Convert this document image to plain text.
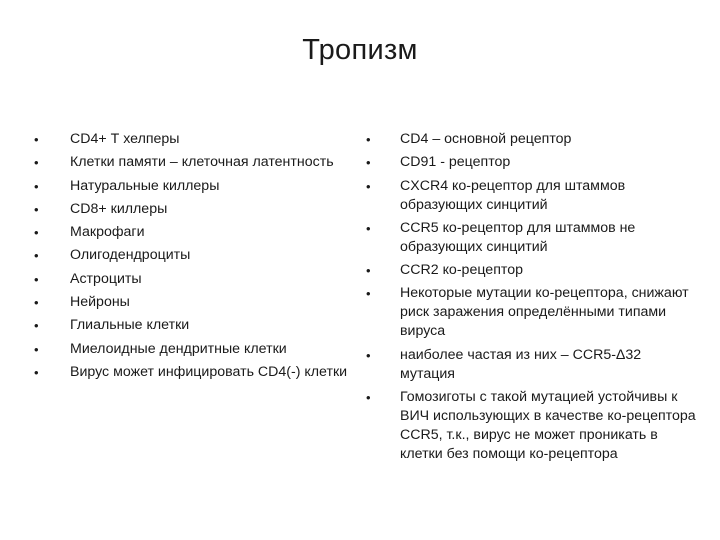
Тропизм
• CD4+ Т хелперы
• Клетки памяти – клеточная латентность
• Натуральные киллеры
• CD8+ киллеры
• Макрофаги
• Олигодендроциты
• Астроциты
• Нейроны
• Глиальные клетки
• Миелоидные дендритные клетки
• Вирус может инфицировать CD4(-) клетки
• CD4 – основной рецептор
• CD91 - рецептор
• CXCR4 ко-рецептор для штаммов образующих синцитий
• CCR5 ко-рецептор для штаммов не образующих синцитий
• CCR2 ко-рецептор
• Некоторые мутации ко-рецептора, снижают риск заражения определёнными типами вируса
• наиболее частая из них – CCR5-Δ32 мутация
• Гомозиготы с такой мутацией устойчивы к ВИЧ использующих в качестве ко-рецептора CCR5, т.к., вирус не может проникать в клетки без помощи ко-рецептора
